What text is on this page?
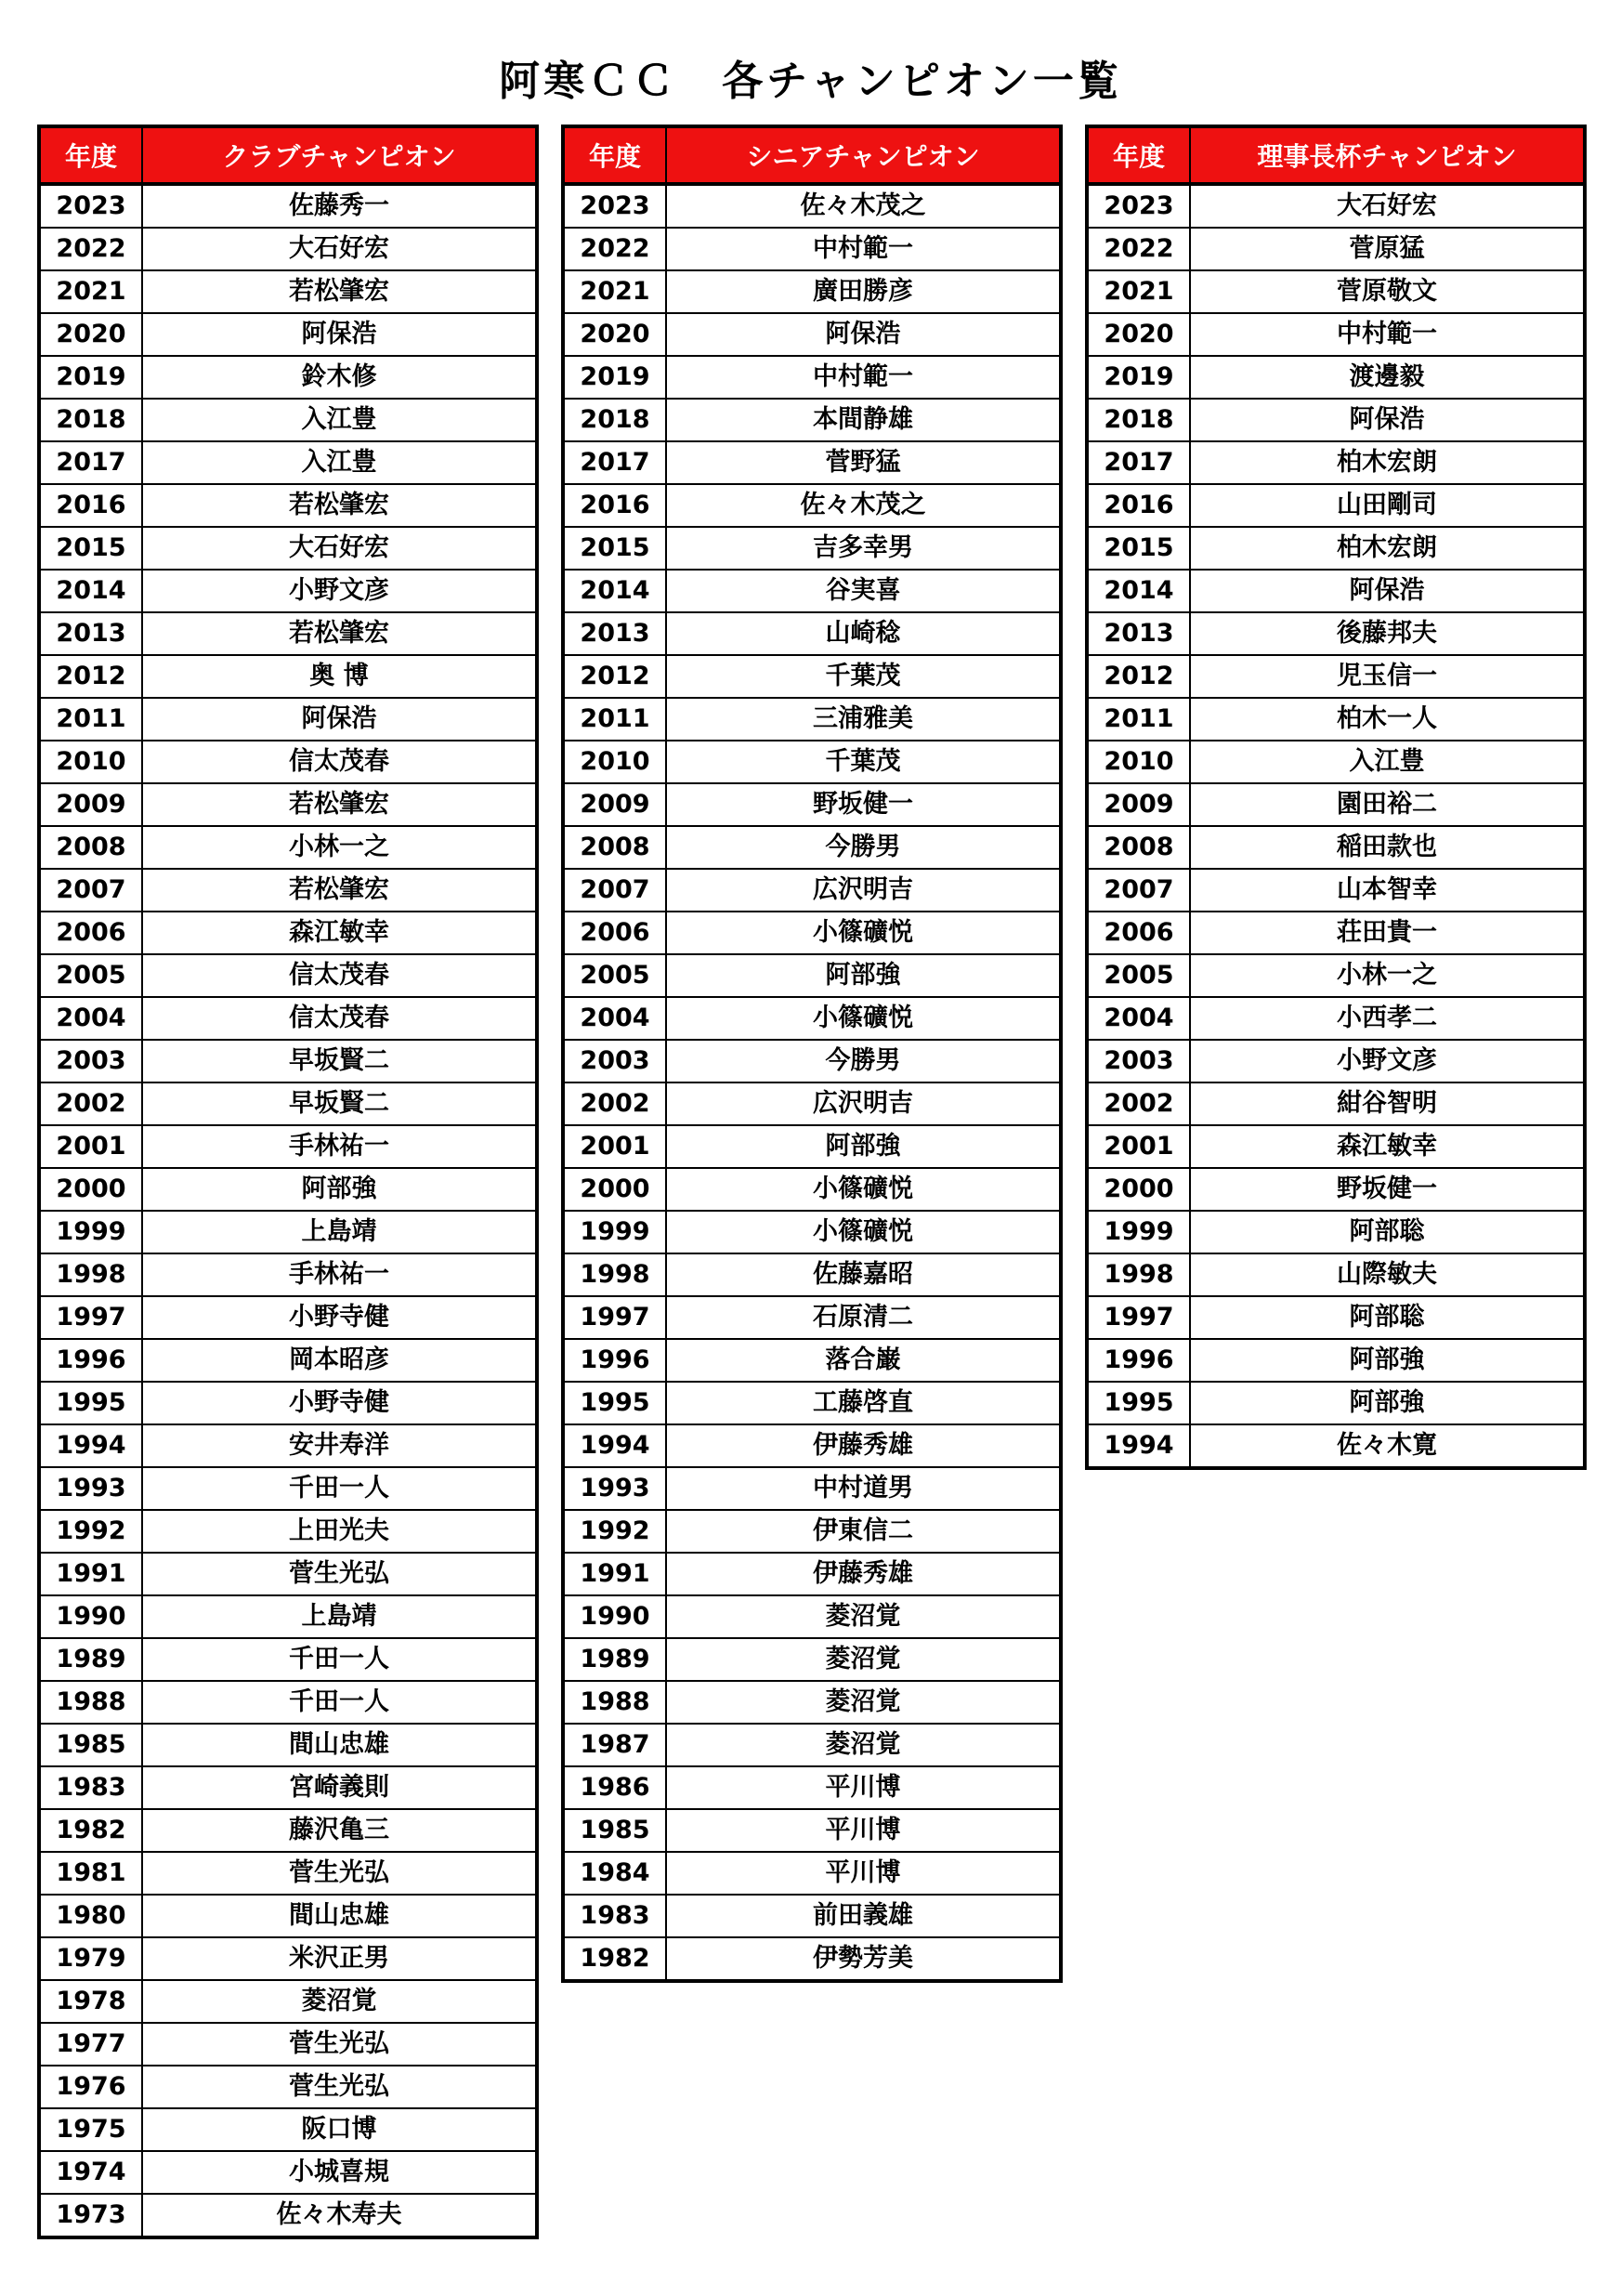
阿寒ＣＣ　各チャンピオン一覧
年度	クラブチャンピオン
2023	佐藤秀一
2022	大石好宏
2021	若松肇宏
2020	阿保浩
2019	鈴木修
2018	入江豊
2017	入江豊
2016	若松肇宏
2015	大石好宏
2014	小野文彦
2013	若松肇宏
2012	奥 博
2011	阿保浩
2010	信太茂春
2009	若松肇宏
2008	小林一之
2007	若松肇宏
2006	森江敏幸
2005	信太茂春
2004	信太茂春
2003	早坂賢二
2002	早坂賢二
2001	手林祐一
2000	阿部強
1999	上島靖
1998	手林祐一
1997	小野寺健
1996	岡本昭彦
1995	小野寺健
1994	安井寿洋
1993	千田一人
1992	上田光夫
1991	菅生光弘
1990	上島靖
1989	千田一人
1988	千田一人
1985	間山忠雄
1983	宮崎義則
1982	藤沢亀三
1981	菅生光弘
1980	間山忠雄
1979	米沢正男
1978	菱沼覚
1977	菅生光弘
1976	菅生光弘
1975	阪口博
1974	小城喜規
1973	佐々木寿夫
年度	シニアチャンピオン
2023	佐々木茂之
2022	中村範一
2021	廣田勝彦
2020	阿保浩
2019	中村範一
2018	本間静雄
2017	菅野猛
2016	佐々木茂之
2015	吉多幸男
2014	谷実喜
2013	山崎稔
2012	千葉茂
2011	三浦雅美
2010	千葉茂
2009	野坂健一
2008	今勝男
2007	広沢明吉
2006	小篠礦悦
2005	阿部強
2004	小篠礦悦
2003	今勝男
2002	広沢明吉
2001	阿部強
2000	小篠礦悦
1999	小篠礦悦
1998	佐藤嘉昭
1997	石原清二
1996	落合巌
1995	工藤啓直
1994	伊藤秀雄
1993	中村道男
1992	伊東信二
1991	伊藤秀雄
1990	菱沼覚
1989	菱沼覚
1988	菱沼覚
1987	菱沼覚
1986	平川博
1985	平川博
1984	平川博
1983	前田義雄
1982	伊勢芳美
年度	理事長杯チャンピオン
2023	大石好宏
2022	菅原猛
2021	菅原敬文
2020	中村範一
2019	渡邊毅
2018	阿保浩
2017	柏木宏朗
2016	山田剛司
2015	柏木宏朗
2014	阿保浩
2013	後藤邦夫
2012	児玉信一
2011	柏木一人
2010	入江豊
2009	園田裕二
2008	稲田款也
2007	山本智幸
2006	荘田貴一
2005	小林一之
2004	小西孝二
2003	小野文彦
2002	紺谷智明
2001	森江敏幸
2000	野坂健一
1999	阿部聡
1998	山際敏夫
1997	阿部聡
1996	阿部強
1995	阿部強
1994	佐々木寛
